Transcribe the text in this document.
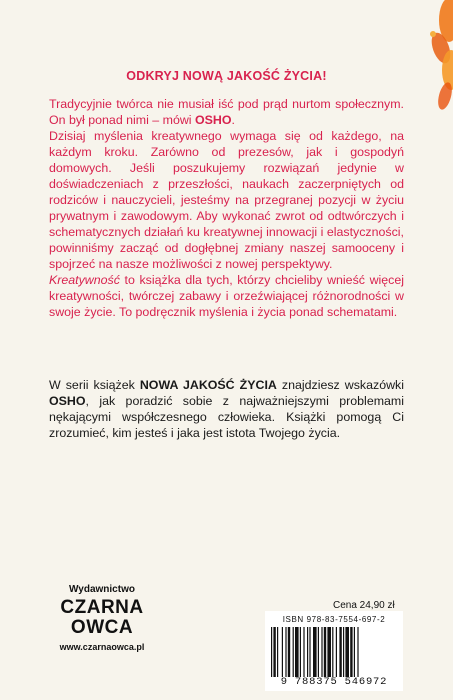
ODKRYJ NOWĄ JAKOŚĆ ŻYCIA!

Tradycyjnie twórca nie musiał iść pod prąd nurtom społecznym. On był ponad nimi – mówi OSHO.

Dzisiaj myślenia kreatywnego wymaga się od każdego, na każdym kroku. Zarówno od prezesów, jak i gospodyń domowych. Jeśli poszukujemy rozwiązań jedynie w doświadczeniach z przeszłości, naukach zaczerpniętych od rodziców i nauczycieli, jesteśmy na przegranej pozycji w życiu prywatnym i zawodowym. Aby wykonać zwrot od odtwórczych i schematycznych działań ku kreatywnej innowacji i elastyczności, powinniśmy zacząć od dogłębnej zmiany naszej samooceny i spojrzeć na nasze możliwości z nowej perspektywy.

Kreatywność to książka dla tych, którzy chcieliby wnieść więcej kreatywności, twórczej zabawy i orzeźwiającej różnorodności w swoje życie. To podręcznik myślenia i życia ponad schematami.

W serii książek NOWA JAKOŚĆ ŻYCIA znajdziesz wskazówki OSHO, jak poradzić sobie z najważniejszymi problemami nękającymi współczesnego człowieka. Książki pomogą Ci zrozumieć, kim jesteś i jaka jest istota Twojego życia.

Wydawnictwo
CZARNA
OWCA
www.czarnaowca.pl
Cena 24,90 zł
ISBN 978-83-7554-697-2
9 788375 546972
